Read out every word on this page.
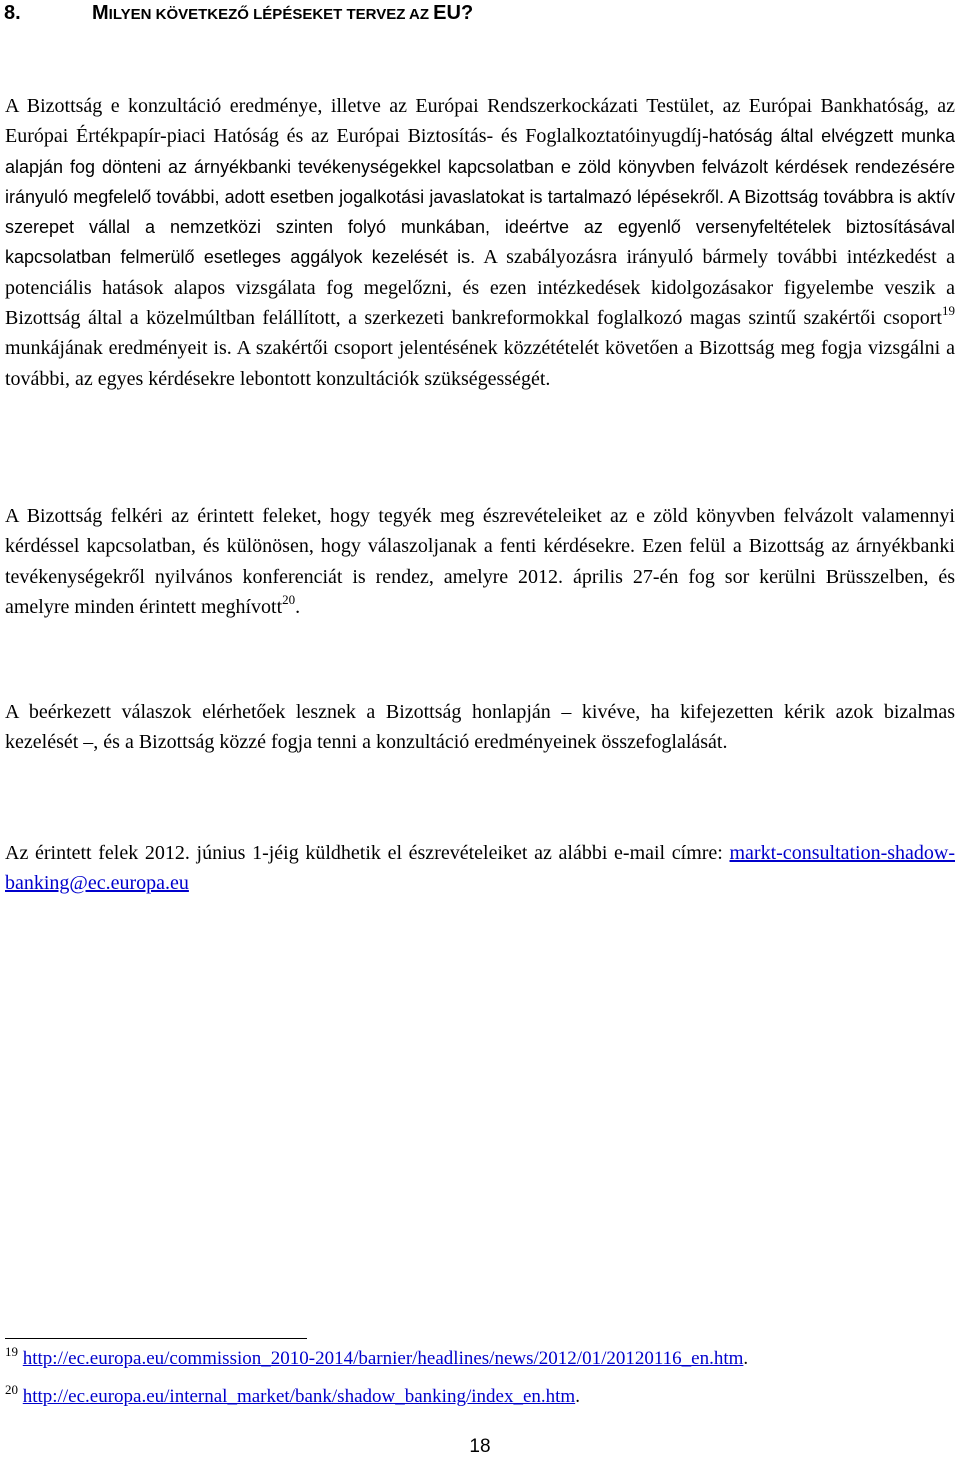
8.	MILYEN KÖVETKEZŐ LÉPÉSEKET TERVEZ AZ EU?

A Bizottság e konzultáció eredménye, illetve az Európai Rendszerkockázati Testület, az Európai Bankhatóság, az Európai Értékpapír-piaci Hatóság és az Európai Biztosítás- és Foglalkoztatóinyugdíj-hatóság által elvégzett munka alapján fog dönteni az árnyékbanki tevékenységekkel kapcsolatban e zöld könyvben felvázolt kérdések rendezésére irányuló megfelelő további, adott esetben jogalkotási javaslatokat is tartalmazó lépésekről. A Bizottság továbbra is aktív szerepet vállal a nemzetközi szinten folyó munkában, ideértve az egyenlő versenyfeltételek biztosításával kapcsolatban felmerülő esetleges aggályok kezelését is. A szabályozásra irányuló bármely további intézkedést a potenciális hatások alapos vizsgálata fog megelőzni, és ezen intézkedések kidolgozásakor figyelembe veszik a Bizottság által a közelmúltban felállított, a szerkezeti bankreformokkal foglalkozó magas szintű szakértői csoport$^{19}$ munkájának eredményeit is. A szakértői csoport jelentésének közzétételét követően a Bizottság meg fogja vizsgálni a további, az egyes kérdésekre lebontott konzultációk szükségességét.

A Bizottság felkéri az érintett feleket, hogy tegyék meg észrevételeiket az e zöld könyvben felvázolt valamennyi kérdéssel kapcsolatban, és különösen, hogy válaszoljanak a fenti kérdésekre. Ezen felül a Bizottság az árnyékbanki tevékenységekről nyilvános konferenciát is rendez, amelyre 2012. április 27-én fog sor kerülni Brüsszelben, és amelyre minden érintett meghívott$^{20}$.

A beérkezett válaszok elérhetőek lesznek a Bizottság honlapján – kivéve, ha kifejezetten kérik azok bizalmas kezelését –, és a Bizottság közzé fogja tenni a konzultáció eredményeinek összefoglalását.

Az érintett felek 2012. június 1-jéig küldhetik el észrevételeiket az alábbi e-mail címre: markt-consultation-shadow-banking@ec.europa.eu

$^{19}$ http://ec.europa.eu/commission_2010-2014/barnier/headlines/news/2012/01/20120116_en.htm.
$^{20}$ http://ec.europa.eu/internal_market/bank/shadow_banking/index_en.htm.
18
